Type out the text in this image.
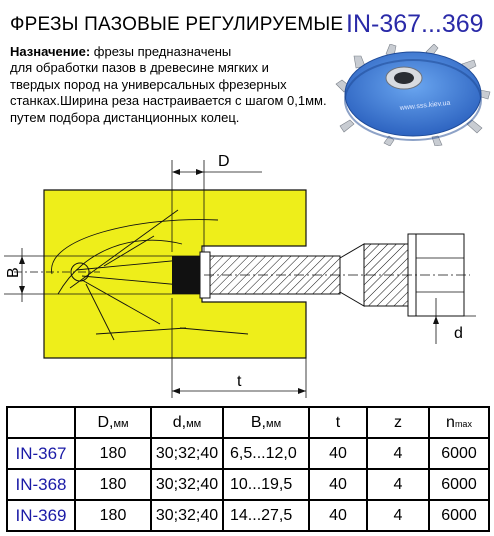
ФРЕЗЫ ПАЗОВЫЕ РЕГУЛИРУЕМЫЕ IN-367...369
Назначение: фрезы предназначены
для обработки пазов в древесине мягких и
твердых пород на универсальных фрезерных
станках.Ширина реза настраивается с шагом 0,1мм.
путем подбора дистанционных колец.
www.sss.kiev.ua
D
B
d
t
	D,мм	d,мм	B,мм	t	z	nmax
IN-367	180	30;32;40	6,5...12,0	40	4	6000
IN-368	180	30;32;40	10...19,5	40	4	6000
IN-369	180	30;32;40	14...27,5	40	4	6000
